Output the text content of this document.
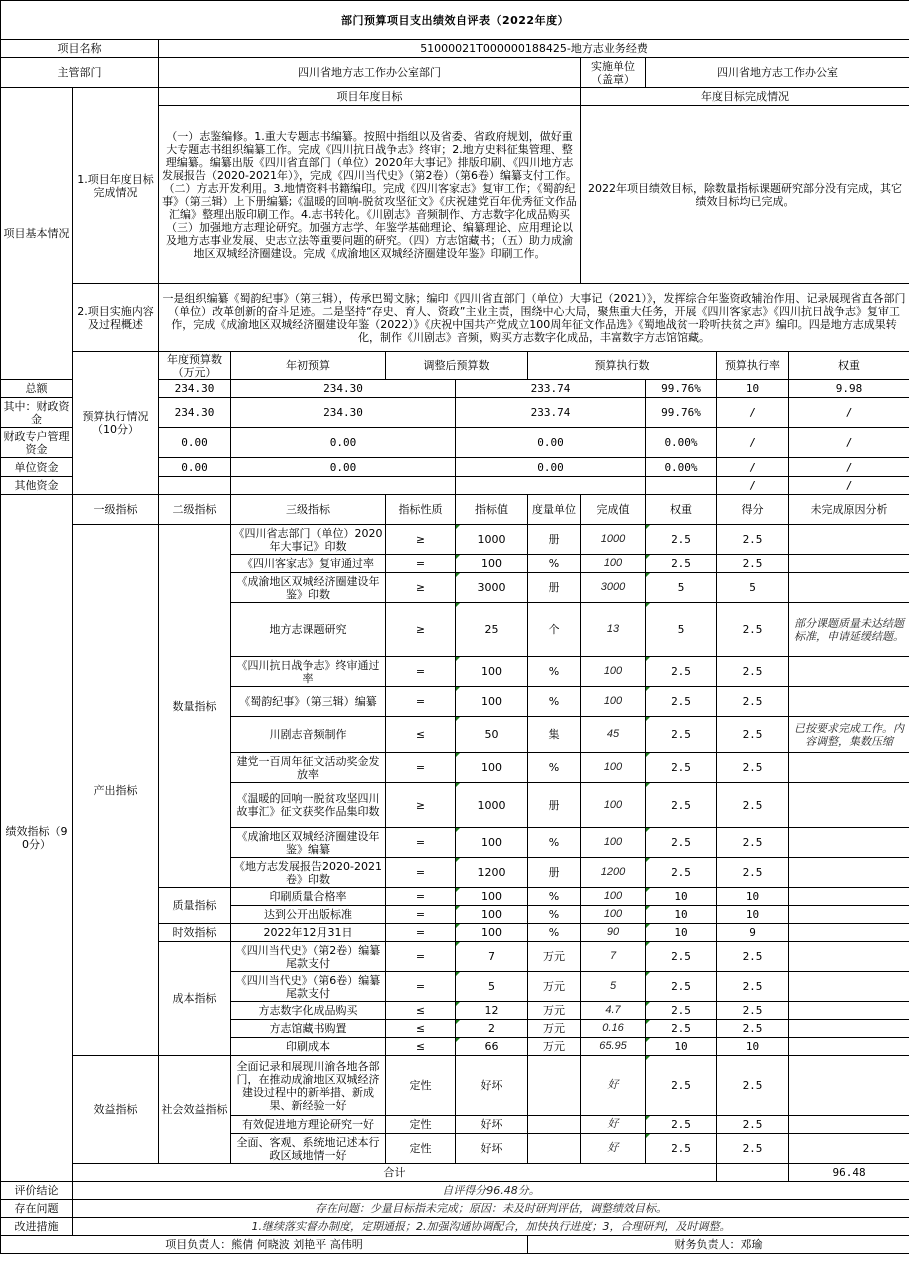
部门预算项目支出绩效自评表（2022年度）											
项目名称		51000021T000000188425-地方志业务经费									
主管部门		四川省地方志工作办公室部门					实施单位（盖章）	四川省地方志工作办公室			
项目基本情况	1.项目年度目标完成情况	项目年度目标					年度目标完成情况				
		（一）志鉴编修。1.重大专题志书编纂。按照中指组以及省委、省政府规划，做好重大专题志书组织编纂工作。完成《四川抗日战争志》终审；2.地方史料征集管理、整理编纂。编纂出版《四川省直部门（单位）2020年大事记》排版印刷、《四川地方志发展报告（2020-2021年）》，完成《四川当代史》（第2卷）（第6卷）编纂支付工作。（二）方志开发利用。3.地情资料书籍编印。完成《四川客家志》复审工作；《蜀韵纪事》（第三辑）上下册编纂;《温暖的回响-脱贫攻坚征文》《庆祝建党百年优秀征文作品汇编》整理出版印刷工作。4.志书转化。《川剧志》音频制作、方志数字化成品购买（三）加强地方志理论研究。加强方志学、年鉴学基础理论、编纂理论、应用理论以及地方志事业发展、史志立法等重要问题的研究。（四）方志馆藏书；（五）助力成渝地区双城经济圈建设。完成《成渝地区双城经济圈建设年鉴》印刷工作。					2022年项目绩效目标，除数量指标课题研究部分没有完成，其它绩效目标均已完成。				
	2.项目实施内容及过程概述	一是组织编纂《蜀韵纪事》（第三辑），传承巴蜀文脉；编印《四川省直部门（单位）大事记（2021）》，发挥综合年鉴资政辅治作用、记录展现省直各部门（单位）改革创新的奋斗足迹。二是坚持“存史、育人、资政”主业主责，围绕中心大局，聚焦重大任务，开展《四川客家志》《四川抗日战争志》复审工作，完成《成渝地区双城经济圈建设年鉴（2022）》《庆祝中国共产党成立100周年征文作品选》《蜀地战贫一聆听扶贫之声》编印。四是地方志成果转化，制作《川剧志》音频，购买方志数字化成品，丰富数字方志馆馆藏。									
	预算执行情况（10分）	年度预算数（万元）	年初预算	调整后预算数		预算执行数			预算执行率	权重		
总额		234.30	234.30		233.74			99.76%	10	9.98	
其中：财政资金		234.30	234.30		233.74			99.76%	/	/	
财政专户管理资金		0.00	0.00		0.00			0.00%	/	/	
单位资金		0.00	0.00		0.00			0.00%	/	/	
其他资金									/	/	
绩效指标（90分）	一级指标	二级指标	三级指标	指标性质	指标值	度量单位	完成值	权重	得分	未完成原因分析	
	产出指标	数量指标	《四川省志部门（单位）2020年大事记》印数	≥	1000	册	1000	2.5	2.5		
			《四川客家志》复审通过率	=	100	%	100	2.5	2.5		
			《成渝地区双城经济圈建设年鉴》印数	≥	3000	册	3000	5	5		
			地方志课题研究	≥	25	个	13	5	2.5	部分课题质量未达结题标准，申请延缓结题。	
			《四川抗日战争志》终审通过率	=	100	%	100	2.5	2.5		
			《蜀韵纪事》（第三辑）编纂	=	100	%	100	2.5	2.5		
			川剧志音频制作	≤	50	集	45	2.5	2.5	已按要求完成工作。内容调整，集数压缩	
			建党一百周年征文活动奖金发放率	=	100	%	100	2.5	2.5		
			《温暖的回响一脱贫攻坚四川故事汇》征文获奖作品集印数	≥	1000	册	100	2.5	2.5		
			《成渝地区双城经济圈建设年鉴》编纂	=	100	%	100	2.5	2.5		
			《地方志发展报告2020-2021卷》印数	=	1200	册	1200	2.5	2.5		
		质量指标	印刷质量合格率	=	100	%	100	10	10		
			达到公开出版标准	=	100	%	100	10	10		
		时效指标	2022年12月31日	=	100	%	90	10	9		
		成本指标	《四川当代史》（第2卷）编纂尾款支付	=	7	万元	7	2.5	2.5		
			《四川当代史》（第6卷）编纂尾款支付	=	5	万元	5	2.5	2.5		
			方志数字化成品购买	≤	12	万元	4.7	2.5	2.5		
			方志馆藏书购置	≤	2	万元	0.16	2.5	2.5		
			印刷成本	≤	66	万元	65.95	10	10		
	效益指标	社会效益指标	全面记录和展现川渝各地各部门，在推动成渝地区双城经济建设过程中的新举措、新成果、新经验一好	定性	好坏		好	2.5	2.5		
			有效促进地方理论研究一好	定性	好坏		好	2.5	2.5		
			全面、客观、系统地记述本行政区域地情一好	定性	好坏		好	2.5	2.5		
	合计									96.48	
评价结论	自评得分96.48分。										
存在问题	存在问题：少量目标指未完成；原因：未及时研判评估，调整绩效目标。										
改进措施	1.继续落实督办制度，定期通报；2.加强沟通协调配合，加快执行进度；3，合理研判，及时调整。										
项目负责人：熊倩 何晓波 刘艳平 高伟明						财务负责人：邓瑜					
